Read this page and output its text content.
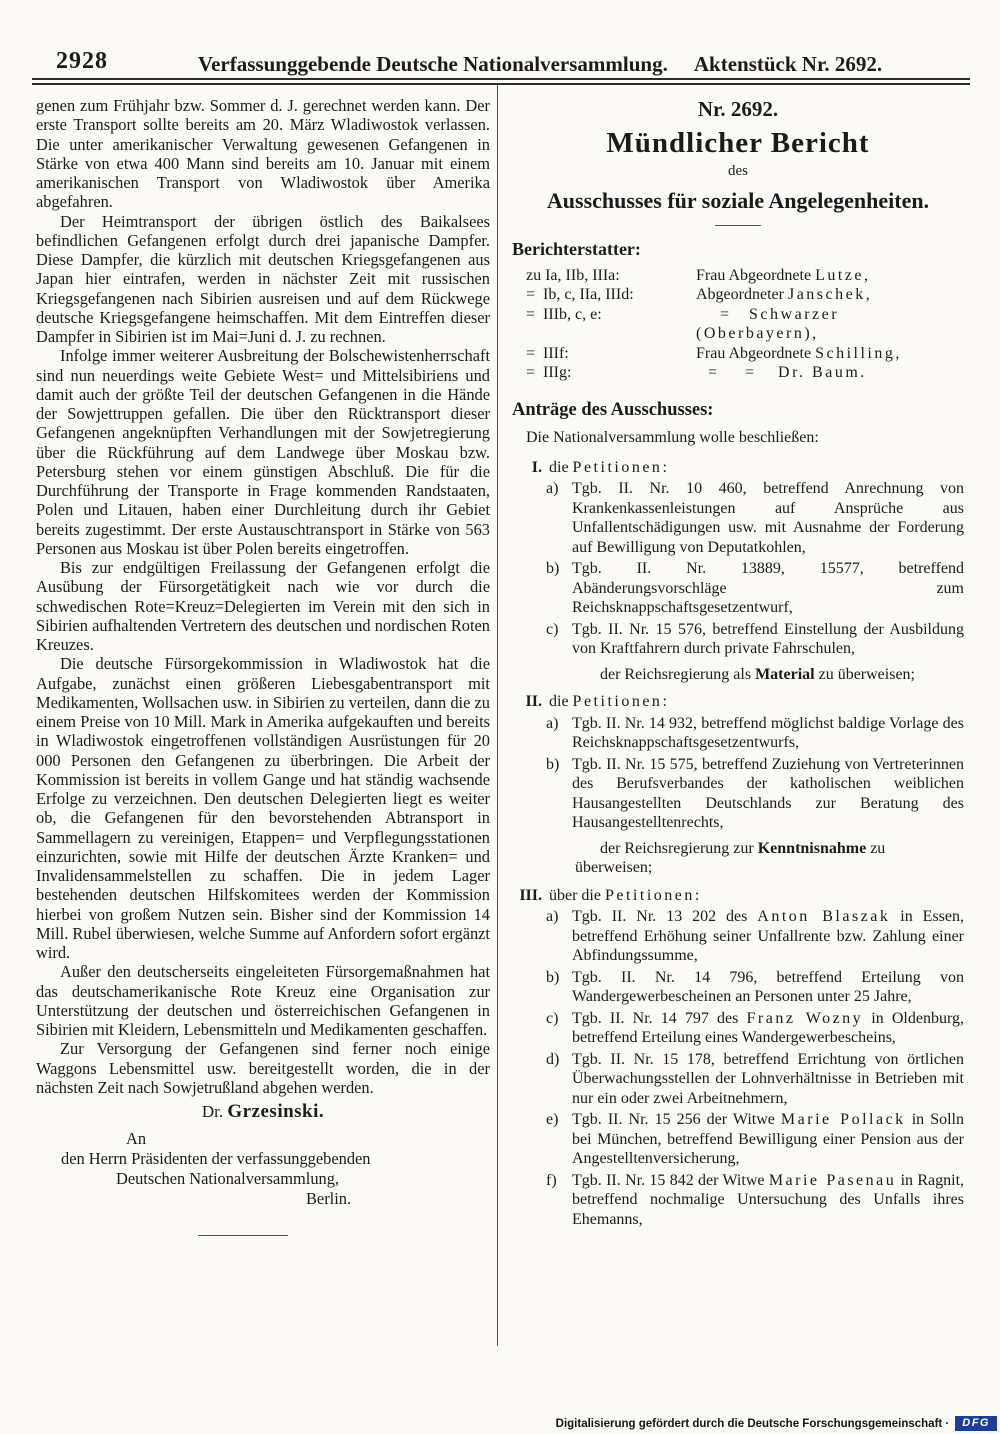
2928	Verfassunggebende Deutsche Nationalversammlung. Aktenstück Nr. 2692.

genen zum Frühjahr bzw. Sommer d. J. gerechnet werden kann. Der erste Transport sollte bereits am 20. März Wladiwostok verlassen. Die unter amerikanischer Verwaltung gewesenen Gefangenen in Stärke von etwa 400 Mann sind bereits am 10. Januar mit einem amerikanischen Transport von Wladiwostok über Amerika abgefahren.

Der Heimtransport der übrigen östlich des Baikalsees befindlichen Gefangenen erfolgt durch drei japanische Dampfer. Diese Dampfer, die kürzlich mit deutschen Kriegsgefangenen aus Japan hier eintrafen, werden in nächster Zeit mit russischen Kriegsgefangenen nach Sibirien ausreisen und auf dem Rückwege deutsche Kriegsgefangene heimschaffen. Mit dem Eintreffen dieser Dampfer in Sibirien ist im Mai=Juni d. J. zu rechnen.

Infolge immer weiterer Ausbreitung der Bolschewistenherrschaft sind nun neuerdings weite Gebiete West= und Mittelsibiriens und damit auch der größte Teil der deutschen Gefangenen in die Hände der Sowjettruppen gefallen. Die über den Rücktransport dieser Gefangenen angeknüpften Verhandlungen mit der Sowjetregierung über die Rückführung auf dem Landwege über Moskau bzw. Petersburg stehen vor einem günstigen Abschluß. Die für die Durchführung der Transporte in Frage kommenden Randstaaten, Polen und Litauen, haben einer Durchleitung durch ihr Gebiet bereits zugestimmt. Der erste Austauschtransport in Stärke von 563 Personen aus Moskau ist über Polen bereits eingetroffen.

Bis zur endgültigen Freilassung der Gefangenen erfolgt die Ausübung der Fürsorgetätigkeit nach wie vor durch die schwedischen Rote=Kreuz=Delegierten im Verein mit den sich in Sibirien aufhaltenden Vertretern des deutschen und nordischen Roten Kreuzes.

Die deutsche Fürsorgekommission in Wladiwostok hat die Aufgabe, zunächst einen größeren Liebesgabentransport mit Medikamenten, Wollsachen usw. in Sibirien zu verteilen, dann die zu einem Preise von 10 Mill. Mark in Amerika aufgekauften und bereits in Wladiwostok eingetroffenen vollständigen Ausrüstungen für 20 000 Personen den Gefangenen zu überbringen. Die Arbeit der Kommission ist bereits in vollem Gange und hat ständig wachsende Erfolge zu verzeichnen. Den deutschen Delegierten liegt es weiter ob, die Gefangenen für den bevorstehenden Abtransport in Sammellagern zu vereinigen, Etappen= und Verpflegungsstationen einzurichten, sowie mit Hilfe der deutschen Ärzte Kranken= und Invalidensammelstellen zu schaffen. Die in jedem Lager bestehenden deutschen Hilfskomitees werden der Kommission hierbei von großem Nutzen sein. Bisher sind der Kommission 14 Mill. Rubel überwiesen, welche Summe auf Anfordern sofort ergänzt wird.

Außer den deutscherseits eingeleiteten Fürsorgemaßnahmen hat das deutschamerikanische Rote Kreuz eine Organisation zur Unterstützung der deutschen und österreichischen Gefangenen in Sibirien mit Kleidern, Lebensmitteln und Medikamenten geschaffen.

Zur Versorgung der Gefangenen sind ferner noch einige Waggons Lebensmittel usw. bereitgestellt worden, die in der nächsten Zeit nach Sowjetrußland abgehen werden.

Dr. Grzesinski.
An
den Herrn Präsidenten der verfassunggebenden
Deutschen Nationalversammlung,
Berlin.
Nr. 2692.
Mündlicher Bericht
des
Ausschusses für soziale Angelegenheiten.
Berichterstatter:
zu Ia, IIb, IIIa:	Frau Abgeordnete Lutze,
=  Ib, c, IIa, IIId:	Abgeordneter Janschek,
=  IIIb, c, e:	=     Schwarzer (Oberbayern),
=  IIIf:	Frau Abgeordnete Schilling,
=  IIIg:	=       =      Dr. Baum.
Anträge des Ausschusses:
Die Nationalversammlung wolle beschließen:
I. die Petitionen:
a) Tgb. II. Nr. 10 460, betreffend Anrechnung von Krankenkassenleistungen auf Ansprüche aus Unfallentschädigungen usw. mit Ausnahme der Forderung auf Bewilligung von Deputatkohlen,
b) Tgb. II. Nr. 13889, 15577, betreffend Abänderungsvorschläge zum Reichsknappschaftsgesetzentwurf,
c) Tgb. II. Nr. 15 576, betreffend Einstellung der Ausbildung von Kraftfahrern durch private Fahrschulen,
der Reichsregierung als Material zu überweisen;
II. die Petitionen:
a) Tgb. II. Nr. 14 932, betreffend möglichst baldige Vorlage des Reichsknappschaftsgesetzentwurfs,
b) Tgb. II. Nr. 15 575, betreffend Zuziehung von Vertreterinnen des Berufsverbandes der katholischen weiblichen Hausangestellten Deutschlands zur Beratung des Hausangestelltenrechts,
der Reichsregierung zur Kenntnisnahme zu überweisen;
III. über die Petitionen:
a) Tgb. II. Nr. 13 202 des Anton Blaszak in Essen, betreffend Erhöhung seiner Unfallrente bzw. Zahlung einer Abfindungssumme,
b) Tgb. II. Nr. 14 796, betreffend Erteilung von Wandergewerbescheinen an Personen unter 25 Jahre,
c) Tgb. II. Nr. 14 797 des Franz Wozny in Oldenburg, betreffend Erteilung eines Wandergewerbescheins,
d) Tgb. II. Nr. 15 178, betreffend Errichtung von örtlichen Überwachungsstellen der Lohnverhältnisse in Betrieben mit nur ein oder zwei Arbeitnehmern,
e) Tgb. II. Nr. 15 256 der Witwe Marie Pollack in Solln bei München, betreffend Bewilligung einer Pension aus der Angestelltenversicherung,
f) Tgb. II. Nr. 15 842 der Witwe Marie Pasenau in Ragnit, betreffend nochmalige Untersuchung des Unfalls ihres Ehemanns,
Digitalisierung gefördert durch die Deutsche Forschungsgemeinschaft ·	DFG
